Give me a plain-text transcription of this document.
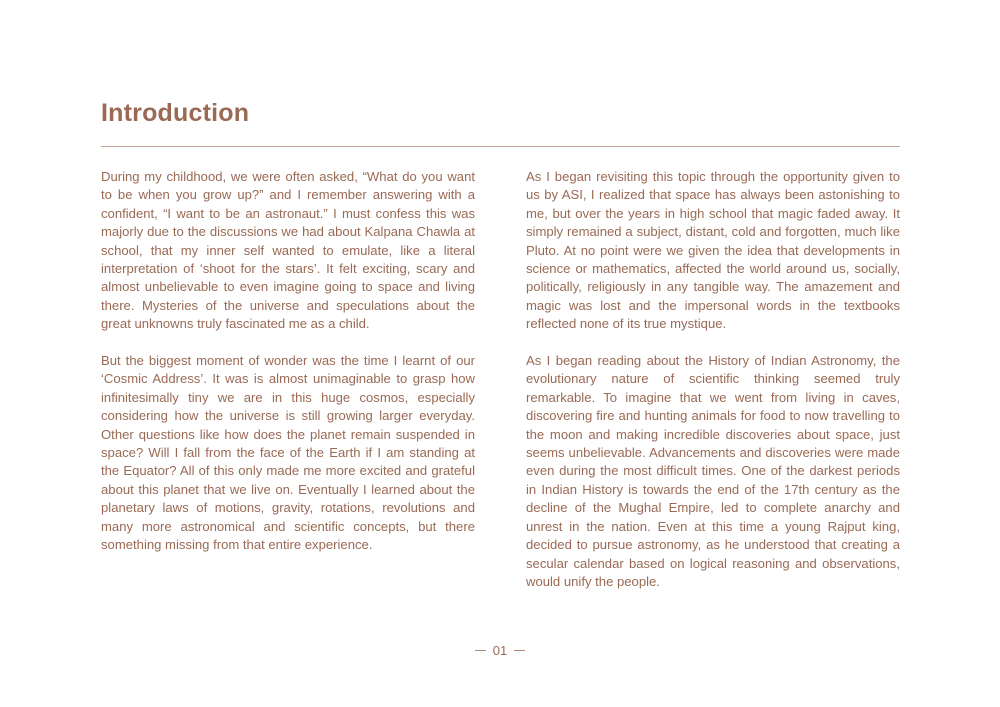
Introduction

During my childhood, we were often asked, “What do you want to be when you grow up?” and I remember answering with a confident, “I want to be an astronaut.” I must confess this was majorly due to the discussions we had about Kalpana Chawla at school, that my inner self wanted to emulate, like a literal interpretation of ‘shoot for the stars’. It felt exciting, scary and almost unbelievable to even imagine going to space and living there. Mysteries of the universe and speculations about the great unknowns truly fascinated me as a child.

But the biggest moment of wonder was the time I learnt of our ‘Cosmic Address’. It was is almost unimaginable to grasp how infinitesimally tiny we are in this huge cosmos, especially considering how the universe is still growing larger everyday. Other questions like how does the planet remain suspended in space? Will I fall from the face of the Earth if I am standing at the Equator? All of this only made me more excited and grateful about this planet that we live on. Eventually I learned about the planetary laws of motions, gravity, rotations, revolutions and many more astronomical and scientific concepts, but there something missing from that entire experience.

As I began revisiting this topic through the opportunity given to us by ASI, I realized that space has always been astonishing to me, but over the years in high school that magic faded away. It simply remained a subject, distant, cold and forgotten, much like Pluto. At no point were we given the idea that developments in science or mathematics, affected the world around us, socially, politically, religiously in any tangible way. The amazement and magic was lost and the impersonal words in the textbooks reflected none of its true mystique.

As I began reading about the History of Indian Astronomy, the evolutionary nature of scientific thinking seemed truly remarkable. To imagine that we went from living in caves, discovering fire and hunting animals for food to now travelling to the moon and making incredible discoveries about space, just seems unbelievable. Advancements and discoveries were made even during the most difficult times. One of the darkest periods in Indian History is towards the end of the 17th century as the decline of the Mughal Empire, led to complete anarchy and unrest in the nation. Even at this time a young Rajput king, decided to pursue astronomy, as he understood that creating a secular calendar based on logical reasoning and observations, would unify the people.

01
